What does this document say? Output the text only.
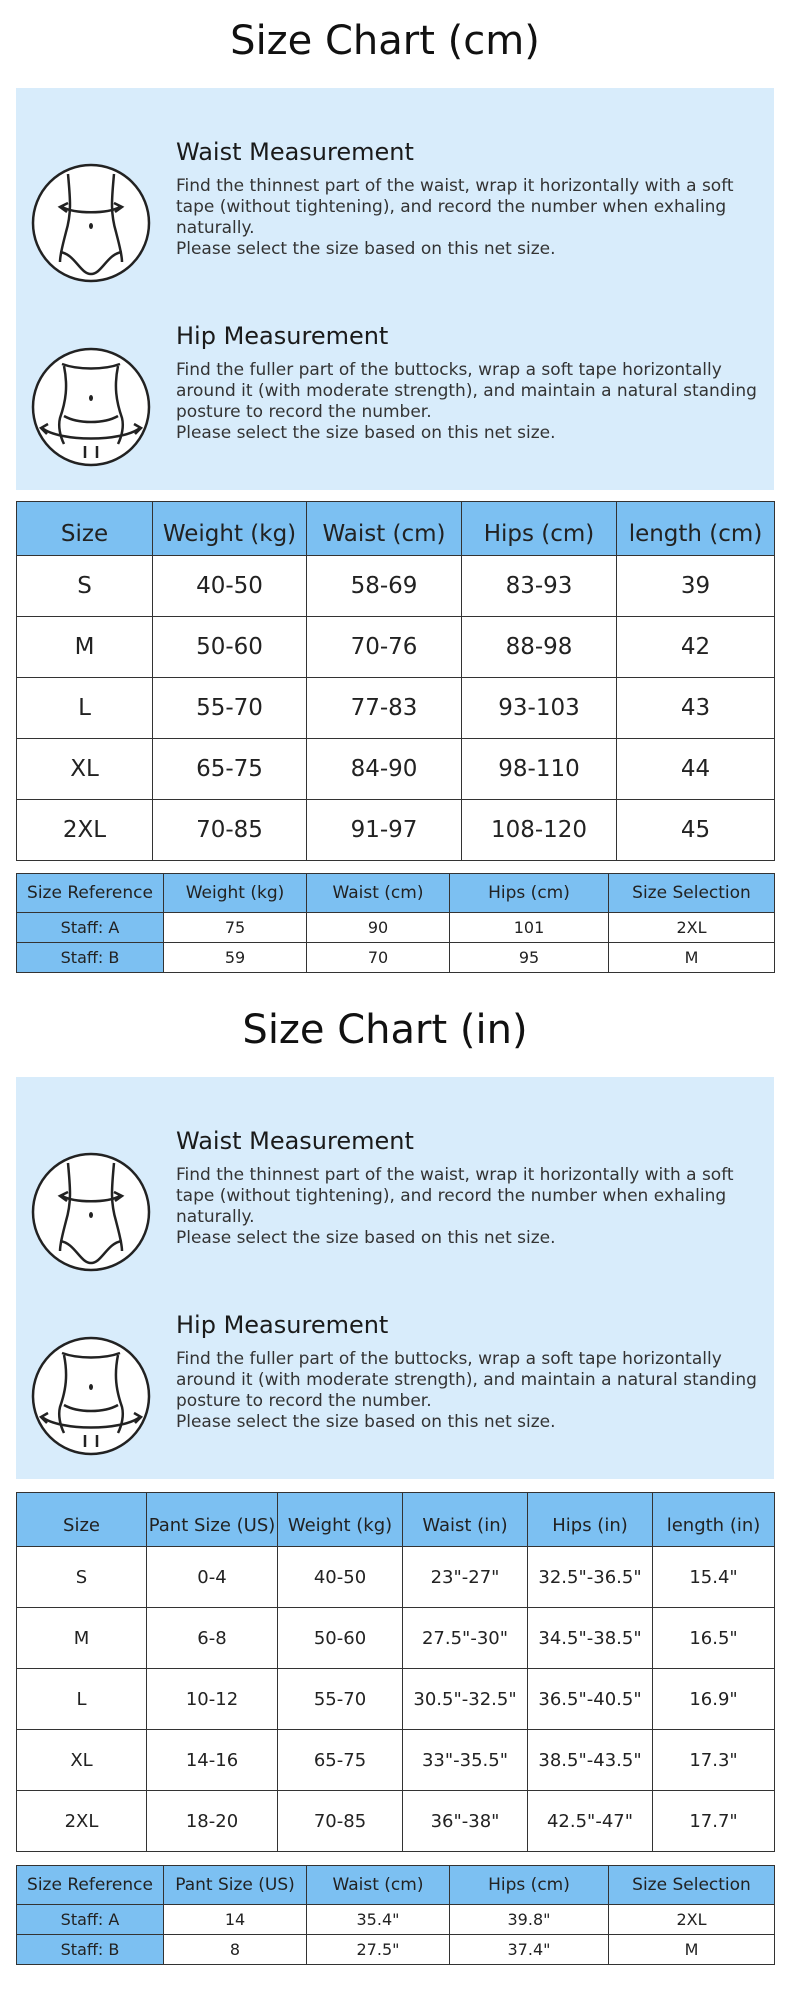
Size Chart (cm)
Waist Measurement
Find the thinnest part of the waist, wrap it horizontally with a soft tape (without tightening), and record the number when exhaling naturally.
Please select the size based on this net size.
Hip Measurement
Find the fuller part of the buttocks, wrap a soft tape horizontally around it (with moderate strength), and maintain a natural standing posture to record the number.
Please select the size based on this net size.
Size	Weight (kg)	Waist (cm)	Hips (cm)	length (cm)
S	40-50	58-69	83-93	39
M	50-60	70-76	88-98	42
L	55-70	77-83	93-103	43
XL	65-75	84-90	98-110	44
2XL	70-85	91-97	108-120	45
Size Reference	Weight (kg)	Waist (cm)	Hips (cm)	Size Selection
Staff: A	75	90	101	2XL
Staff: B	59	70	95	M
Size Chart (in)
Waist Measurement
Find the thinnest part of the waist, wrap it horizontally with a soft tape (without tightening), and record the number when exhaling naturally.
Please select the size based on this net size.
Hip Measurement
Find the fuller part of the buttocks, wrap a soft tape horizontally around it (with moderate strength), and maintain a natural standing posture to record the number.
Please select the size based on this net size.
Size	Pant Size (US)	Weight (kg)	Waist (in)	Hips (in)	length (in)
S	0-4	40-50	23"-27"	32.5"-36.5"	15.4"
M	6-8	50-60	27.5"-30"	34.5"-38.5"	16.5"
L	10-12	55-70	30.5"-32.5"	36.5"-40.5"	16.9"
XL	14-16	65-75	33"-35.5"	38.5"-43.5"	17.3"
2XL	18-20	70-85	36"-38"	42.5"-47"	17.7"
Size Reference	Pant Size (US)	Waist (cm)	Hips (cm)	Size Selection
Staff: A	14	35.4"	39.8"	2XL
Staff: B	8	27.5"	37.4"	M
